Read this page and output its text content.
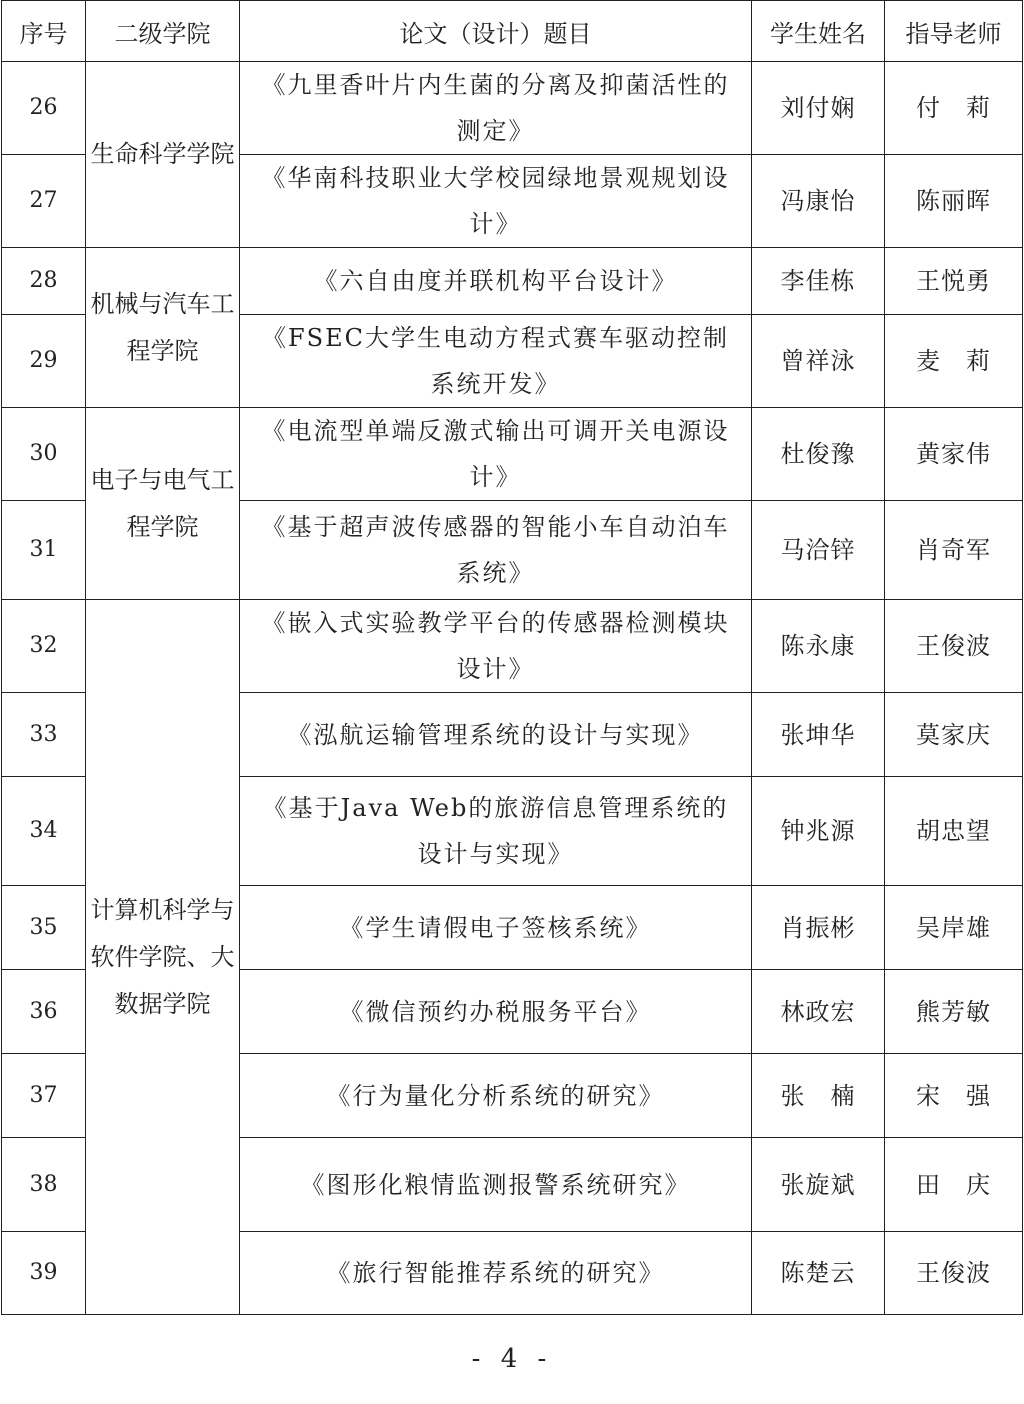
序号	二级学院	论文（设计）题目	学生姓名	指导老师
26	生命科学学院	《九里香叶片内生菌的分离及抑菌活性的测定》	刘付娴	付　莉
27		《华南科技职业大学校园绿地景观规划设计》	冯康怡	陈丽晖
28	机械与汽车工程学院	《六自由度并联机构平台设计》	李佳栋	王悦勇
29		《FSEC大学生电动方程式赛车驱动控制系统开发》	曾祥泳	麦　莉
30	电子与电气工程学院	《电流型单端反激式输出可调开关电源设计》	杜俊豫	黄家伟
31		《基于超声波传感器的智能小车自动泊车系统》	马洽锌	肖奇军
32	计算机科学与软件学院、大数据学院	《嵌入式实验教学平台的传感器检测模块设计》	陈永康	王俊波
33		《泓航运输管理系统的设计与实现》	张坤华	莫家庆
34		《基于Java Web的旅游信息管理系统的设计与实现》	钟兆源	胡忠望
35		《学生请假电子签核系统》	肖振彬	吴岸雄
36		《微信预约办税服务平台》	林政宏	熊芳敏
37		《行为量化分析系统的研究》	张　楠	宋　强
38		《图形化粮情监测报警系统研究》	张旋斌	田　庆
39		《旅行智能推荐系统的研究》	陈楚云	王俊波
- 4 -
